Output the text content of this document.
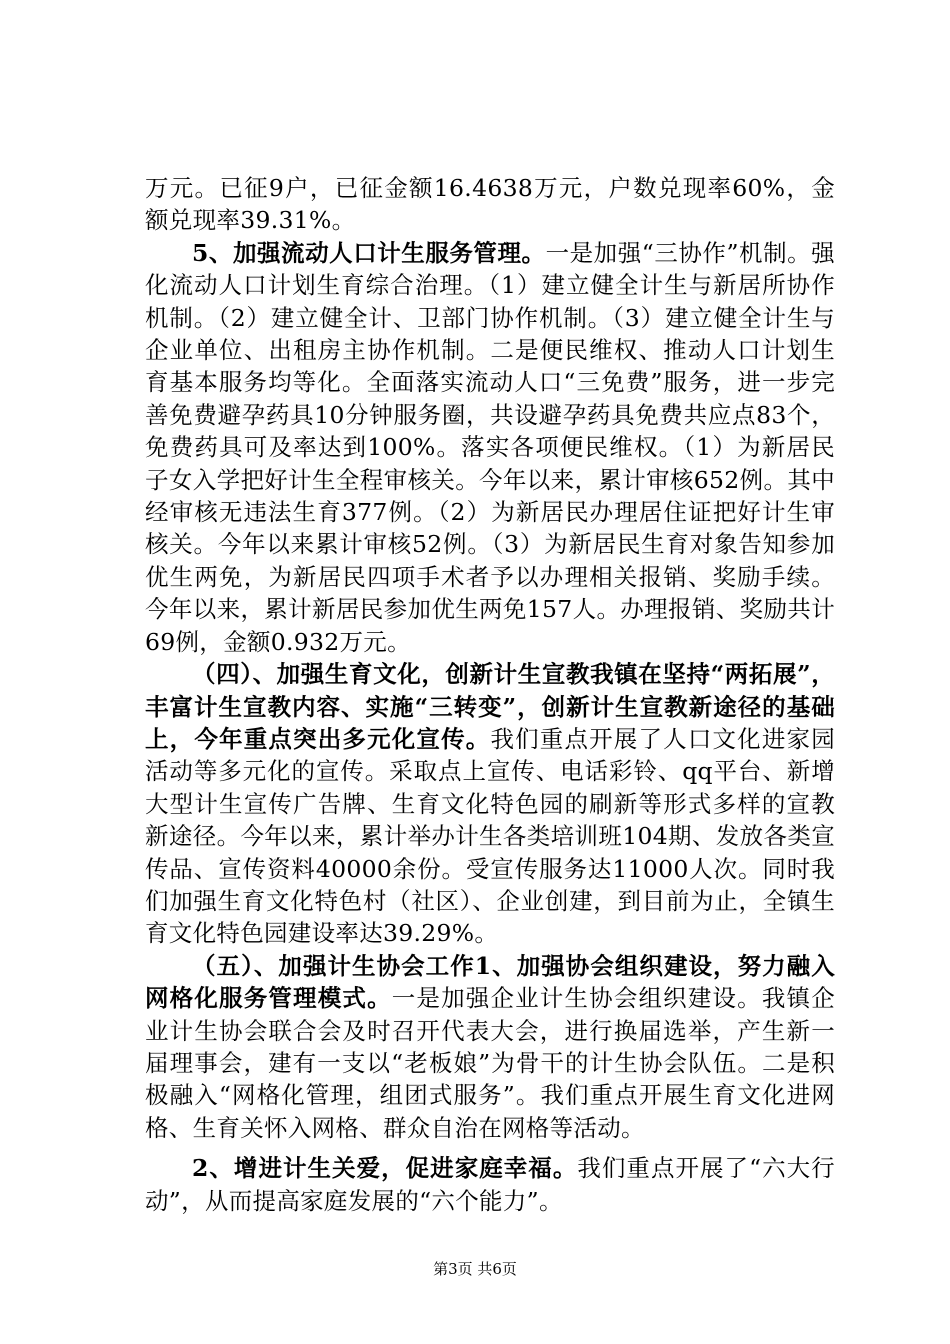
万元。已征9户，已征金额16.4638万元，户数兑现率60%，金额兑现率39.31%。

5、加强流动人口计生服务管理。一是加强“三协作”机制。强化流动人口计划生育综合治理。（1）建立健全计生与新居所协作机制。（2）建立健全计、卫部门协作机制。（3）建立健全计生与企业单位、出租房主协作机制。二是便民维权、推动人口计划生育基本服务均等化。全面落实流动人口“三免费”服务，进一步完善免费避孕药具10分钟服务圈，共设避孕药具免费共应点83个，免费药具可及率达到100%。落实各项便民维权。（1）为新居民子女入学把好计生全程审核关。今年以来，累计审核652例。其中经审核无违法生育377例。（2）为新居民办理居住证把好计生审核关。今年以来累计审核52例。（3）为新居民生育对象告知参加优生两免，为新居民四项手术者予以办理相关报销、奖励手续。今年以来，累计新居民参加优生两免157人。办理报销、奖励共计69例，金额0.932万元。

（四）、加强生育文化，创新计生宣教我镇在坚持“两拓展”，丰富计生宣教内容、实施“三转变”，创新计生宣教新途径的基础上，今年重点突出多元化宣传。我们重点开展了人口文化进家园活动等多元化的宣传。采取点上宣传、电话彩铃、qq平台、新增大型计生宣传广告牌、生育文化特色园的刷新等形式多样的宣教新途径。今年以来，累计举办计生各类培训班104期、发放各类宣传品、宣传资料40000余份。受宣传服务达11000人次。同时我们加强生育文化特色村（社区）、企业创建，到目前为止，全镇生育文化特色园建设率达39.29%。

（五）、加强计生协会工作1、加强协会组织建设，努力融入网格化服务管理模式。一是加强企业计生协会组织建设。我镇企业计生协会联合会及时召开代表大会，进行换届选举，产生新一届理事会，建有一支以“老板娘”为骨干的计生协会队伍。二是积极融入“网格化管理，组团式服务”。我们重点开展生育文化进网格、生育关怀入网格、群众自治在网格等活动。

2、增进计生关爱，促进家庭幸福。我们重点开展了“六大行动”，从而提高家庭发展的“六个能力”。

第3页 共6页
